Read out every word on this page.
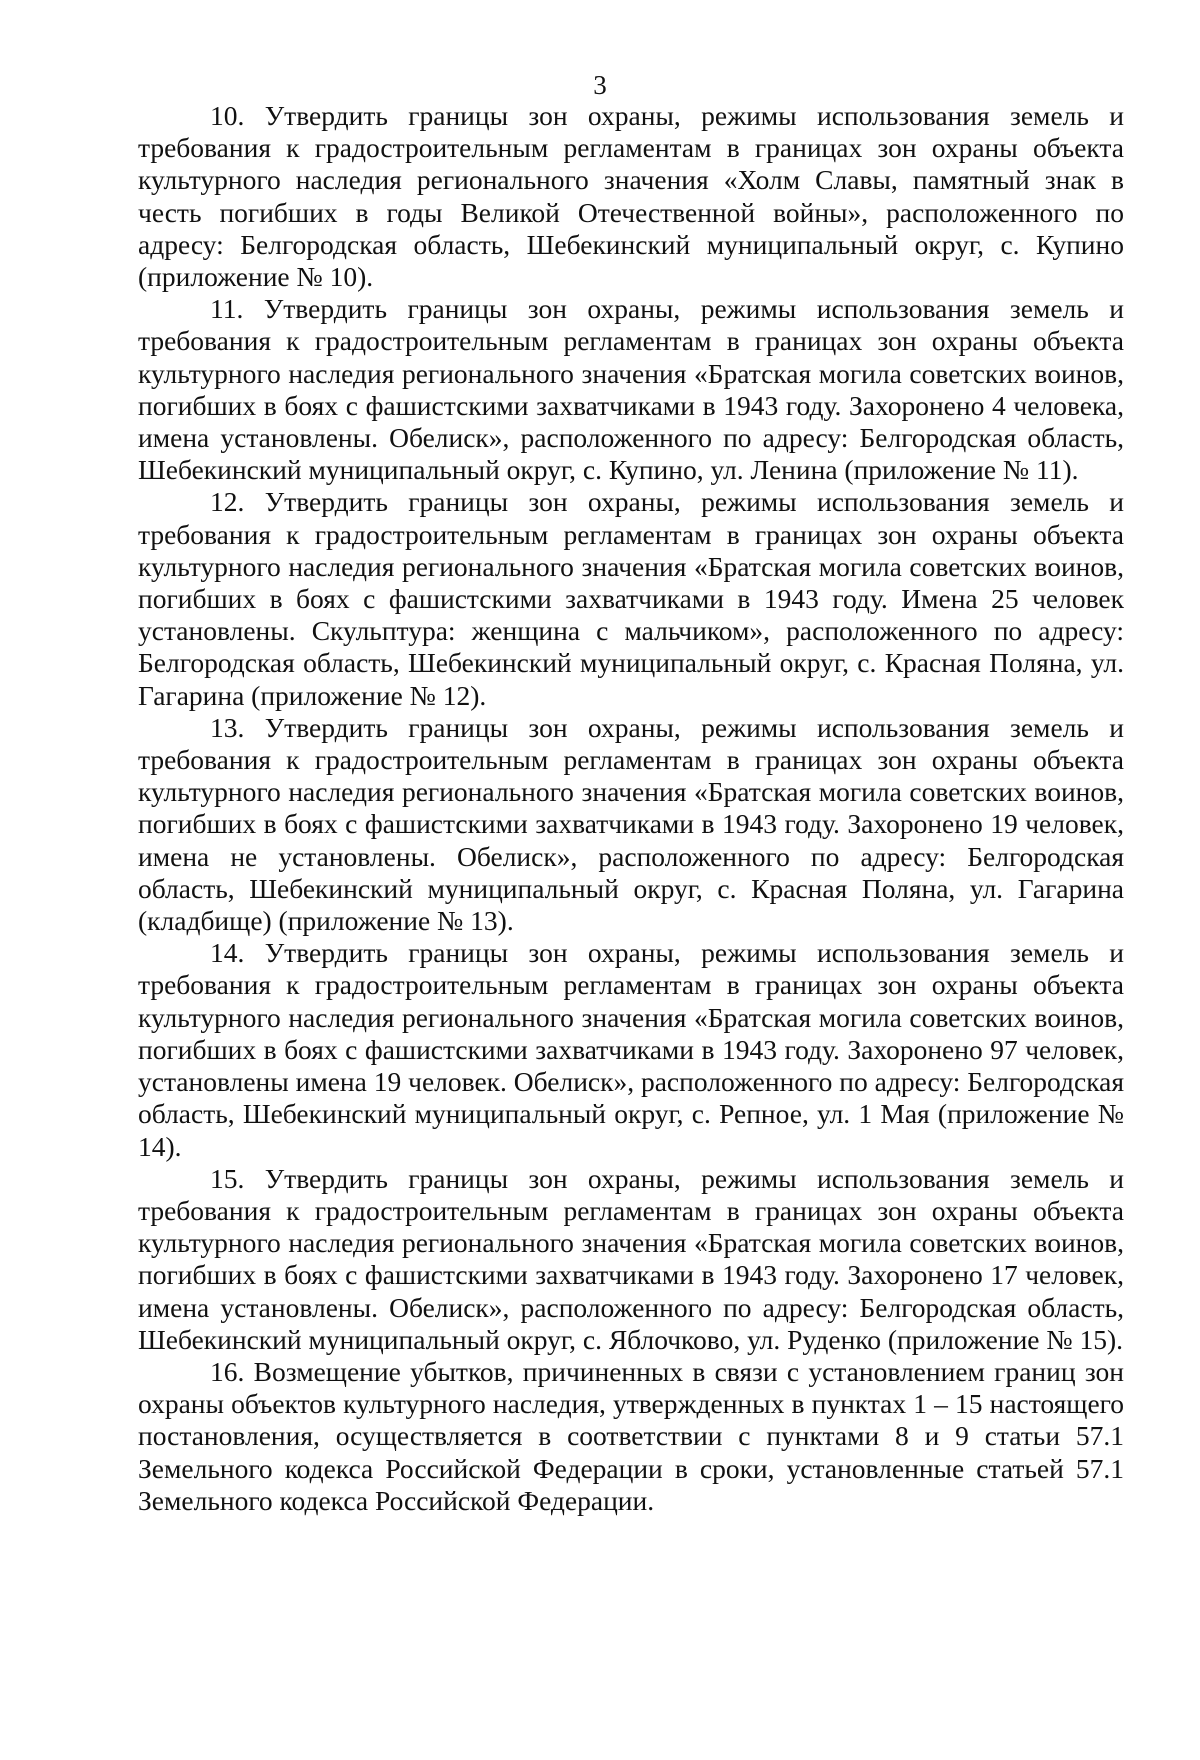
3

10. Утвердить границы зон охраны, режимы использования земель и требования к градостроительным регламентам в границах зон охраны объекта культурного наследия регионального значения «Холм Славы, памятный знак в честь погибших в годы Великой Отечественной войны», расположенного по адресу: Белгородская область, Шебекинский муниципальный округ, с. Купино (приложение № 10).

11. Утвердить границы зон охраны, режимы использования земель и требования к градостроительным регламентам в границах зон охраны объекта культурного наследия регионального значения «Братская могила советских воинов, погибших в боях с фашистскими захватчиками в 1943 году. Захоронено 4 человека, имена установлены. Обелиск», расположенного по адресу: Белгородская область, Шебекинский муниципальный округ, с. Купино, ул. Ленина (приложение № 11).

12. Утвердить границы зон охраны, режимы использования земель и требования к градостроительным регламентам в границах зон охраны объекта культурного наследия регионального значения «Братская могила советских воинов, погибших в боях с фашистскими захватчиками в 1943 году. Имена 25 человек установлены. Скульптура: женщина с мальчиком», расположенного по адресу: Белгородская область, Шебекинский муниципальный округ, с. Красная Поляна, ул. Гагарина (приложение № 12).

13. Утвердить границы зон охраны, режимы использования земель и требования к градостроительным регламентам в границах зон охраны объекта культурного наследия регионального значения «Братская могила советских воинов, погибших в боях с фашистскими захватчиками в 1943 году. Захоронено 19 человек, имена не установлены. Обелиск», расположенного по адресу: Белгородская область, Шебекинский муниципальный округ, с. Красная Поляна, ул. Гагарина (кладбище) (приложение № 13).

14. Утвердить границы зон охраны, режимы использования земель и требования к градостроительным регламентам в границах зон охраны объекта культурного наследия регионального значения «Братская могила советских воинов, погибших в боях с фашистскими захватчиками в 1943 году. Захоронено 97 человек, установлены имена 19 человек. Обелиск», расположенного по адресу: Белгородская область, Шебекинский муниципальный округ, с. Репное, ул. 1 Мая (приложение № 14).

15. Утвердить границы зон охраны, режимы использования земель и требования к градостроительным регламентам в границах зон охраны объекта культурного наследия регионального значения «Братская могила советских воинов, погибших в боях с фашистскими захватчиками в 1943 году. Захоронено 17 человек, имена установлены. Обелиск», расположенного по адресу: Белгородская область, Шебекинский муниципальный округ, с. Яблочково, ул. Руденко (приложение № 15).

16. Возмещение убытков, причиненных в связи с установлением границ зон охраны объектов культурного наследия, утвержденных в пунктах 1 – 15 настоящего постановления, осуществляется в соответствии с пунктами 8 и 9 статьи 57.1 Земельного кодекса Российской Федерации в сроки, установленные статьей 57.1 Земельного кодекса Российской Федерации.
